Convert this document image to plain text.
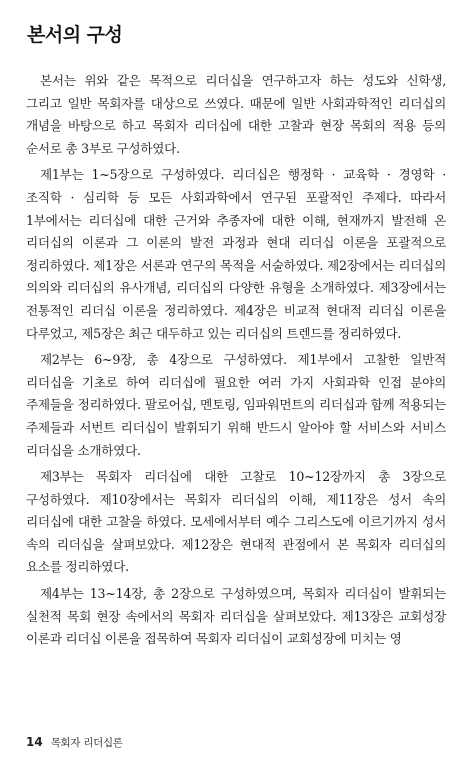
본서의 구성

본서는 위와 같은 목적으로 리더십을 연구하고자 하는 성도와 신학생, 그리고 일반 목회자를 대상으로 쓰였다. 때문에 일반 사회과학적인 리더십의 개념을 바탕으로 하고 목회자 리더십에 대한 고찰과 현장 목회의 적용 등의 순서로 총 3부로 구성하였다.

제1부는 1~5장으로 구성하였다. 리더십은 행정학 · 교육학 · 경영학 · 조직학 · 심리학 등 모든 사회과학에서 연구된 포괄적인 주제다. 따라서 1부에서는 리더십에 대한 근거와 추종자에 대한 이해, 현재까지 발전해 온 리더십의 이론과 그 이론의 발전 과정과 현대 리더십 이론을 포괄적으로 정리하였다. 제1장은 서론과 연구의 목적을 서술하였다. 제2장에서는 리더십의 의의와 리더십의 유사개념, 리더십의 다양한 유형을 소개하였다. 제3장에서는 전통적인 리더십 이론을 정리하였다. 제4장은 비교적 현대적 리더십 이론을 다루었고, 제5장은 최근 대두하고 있는 리더십의 트렌드를 정리하였다.

제2부는 6~9장, 총 4장으로 구성하였다. 제1부에서 고찰한 일반적 리더십을 기초로 하여 리더십에 필요한 여러 가지 사회과학 인접 분야의 주제들을 정리하였다. 팔로어십, 멘토링, 임파워먼트의 리더십과 함께 적용되는 주제들과 서번트 리더십이 발휘되기 위해 반드시 알아야 할 서비스와 서비스 리더십을 소개하였다.

제3부는 목회자 리더십에 대한 고찰로 10~12장까지 총 3장으로 구성하였다. 제10장에서는 목회자 리더십의 이해, 제11장은 성서 속의 리더십에 대한 고찰을 하였다. 모세에서부터 예수 그리스도에 이르기까지 성서 속의 리더십을 살펴보았다. 제12장은 현대적 관점에서 본 목회자 리더십의 요소를 정리하였다.

제4부는 13~14장, 총 2장으로 구성하였으며, 목회자 리더십이 발휘되는 실천적 목회 현장 속에서의 목회자 리더십을 살펴보았다. 제13장은 교회성장 이론과 리더십 이론을 접목하여 목회자 리더십이 교회성장에 미치는 영

14 목회자 리더십론
